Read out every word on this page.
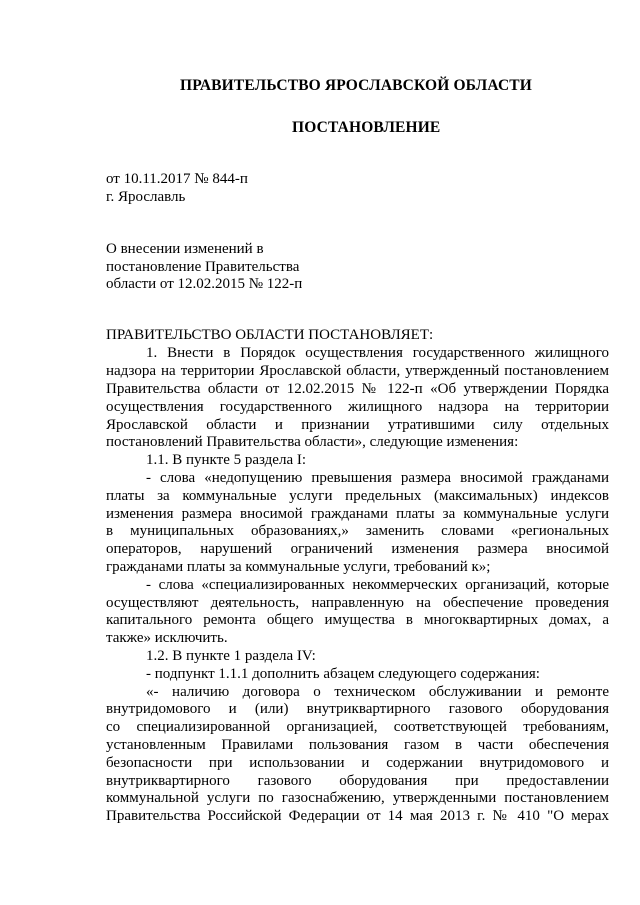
ПРАВИТЕЛЬСТВО ЯРОСЛАВСКОЙ ОБЛАСТИ
ПОСТАНОВЛЕНИЕ
от 10.11.2017 № 844-п
г. Ярославль
О внесении изменений в
постановление Правительства
области от 12.02.2015 № 122-п
ПРАВИТЕЛЬСТВО ОБЛАСТИ ПОСТАНОВЛЯЕТ:
1. Внести в Порядок осуществления государственного жилищного
надзора на территории Ярославской области, утвержденный постановлением
Правительства области от 12.02.2015 № 122-п «Об утверждении Порядка
осуществления государственного жилищного надзора на территории
Ярославской области и признании утратившими силу отдельных
постановлений Правительства области», следующие изменения:
1.1. В пункте 5 раздела I:
- слова «недопущению превышения размера вносимой гражданами
платы за коммунальные услуги предельных (максимальных) индексов
изменения размера вносимой гражданами платы за коммунальные услуги
в муниципальных образованиях,» заменить словами «региональных
операторов, нарушений ограничений изменения размера вносимой
гражданами платы за коммунальные услуги, требований к»;
- слова «специализированных некоммерческих организаций, которые
осуществляют деятельность, направленную на обеспечение проведения
капитального ремонта общего имущества в многоквартирных домах, а
также» исключить.
1.2. В пункте 1 раздела IV:
- подпункт 1.1.1 дополнить абзацем следующего содержания:
«- наличию договора о техническом обслуживании и ремонте
внутридомового и (или) внутриквартирного газового оборудования
со специализированной организацией, соответствующей требованиям,
установленным Правилами пользования газом в части обеспечения
безопасности при использовании и содержании внутридомового и
внутриквартирного газового оборудования при предоставлении
коммунальной услуги по газоснабжению, утвержденными постановлением
Правительства Российской Федерации от 14 мая 2013 г. № 410 "О мерах
